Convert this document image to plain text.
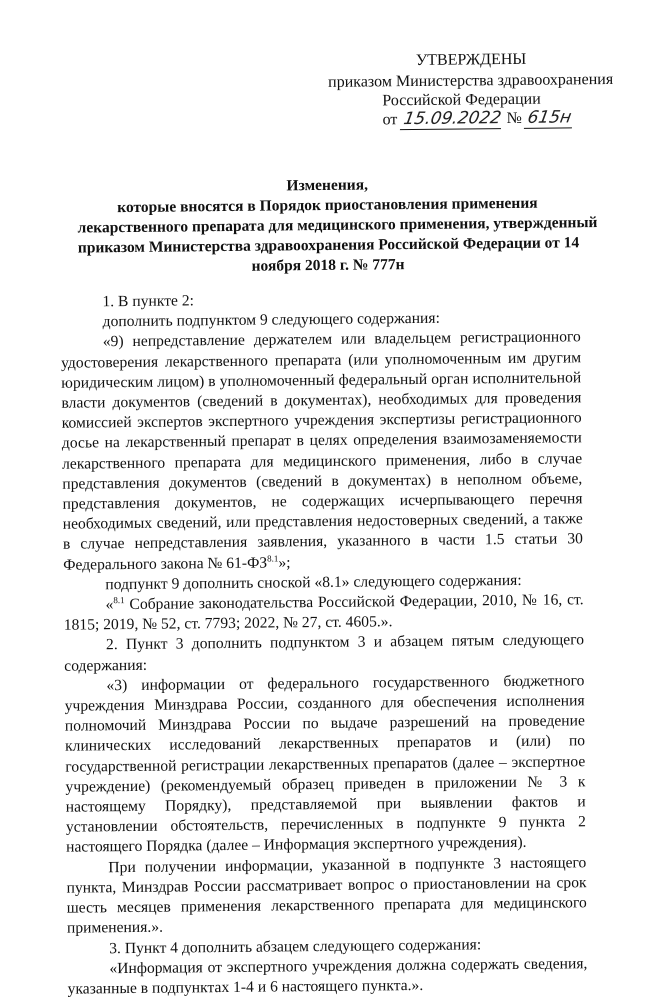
УТВЕРЖДЕНЫ
приказом Министерства здравоохранения
Российской Федерации
от 15.09.2022 № 615н
Изменения,
которые вносятся в Порядок приостановления применения
лекарственного препарата для медицинского применения, утвержденный
приказом Министерства здравоохранения Российской Федерации от 14
ноября 2018 г. № 777н

1. В пункте 2:

дополнить подпунктом 9 следующего содержания:

«9) непредставление держателем или владельцем регистрационного удостоверения лекарственного препарата (или уполномоченным им другим юридическим лицом) в уполномоченный федеральный орган исполнительной власти документов (сведений в документах), необходимых для проведения комиссией экспертов экспертного учреждения экспертизы регистрационного досье на лекарственный препарат в целях определения взаимозаменяемости лекарственного препарата для медицинского применения, либо в случае представления документов (сведений в документах) в неполном объеме, представления документов, не содержащих исчерпывающего перечня необходимых сведений, или представления недостоверных сведений, а также в случае непредставления заявления, указанного в части 1.5 статьи 30 Федерального закона № $61-ФЗ^{8.1}$»;

подпункт 9 дополнить сноской «8.1» следующего содержания:

«$^{8.1}$ Собрание законодательства Российской Федерации, 2010, № 16, ст. 1815; 2019, № 52, ст. 7793; 2022, № 27, ст. 4605.».

2. Пункт 3 дополнить подпунктом 3 и абзацем пятым следующего содержания:

«3) информации от федерального государственного бюджетного учреждения Минздрава России, созданного для обеспечения исполнения полномочий Минздрава России по выдаче разрешений на проведение клинических исследований лекарственных препаратов и (или) по государственной регистрации лекарственных препаратов (далее – экспертное учреждение) (рекомендуемый образец приведен в приложении № 3 к настоящему Порядку), представляемой при выявлении фактов и установлении обстоятельств, перечисленных в подпункте 9 пункта 2 настоящего Порядка (далее – Информация экспертного учреждения).

При получении информации, указанной в подпункте 3 настоящего пункта, Минздрав России рассматривает вопрос о приостановлении на срок шесть месяцев применения лекарственного препарата для медицинского применения.».

3. Пункт 4 дополнить абзацем следующего содержания:

«Информация от экспертного учреждения должна содержать сведения, указанные в подпунктах 1-4 и 6 настоящего пункта.».
